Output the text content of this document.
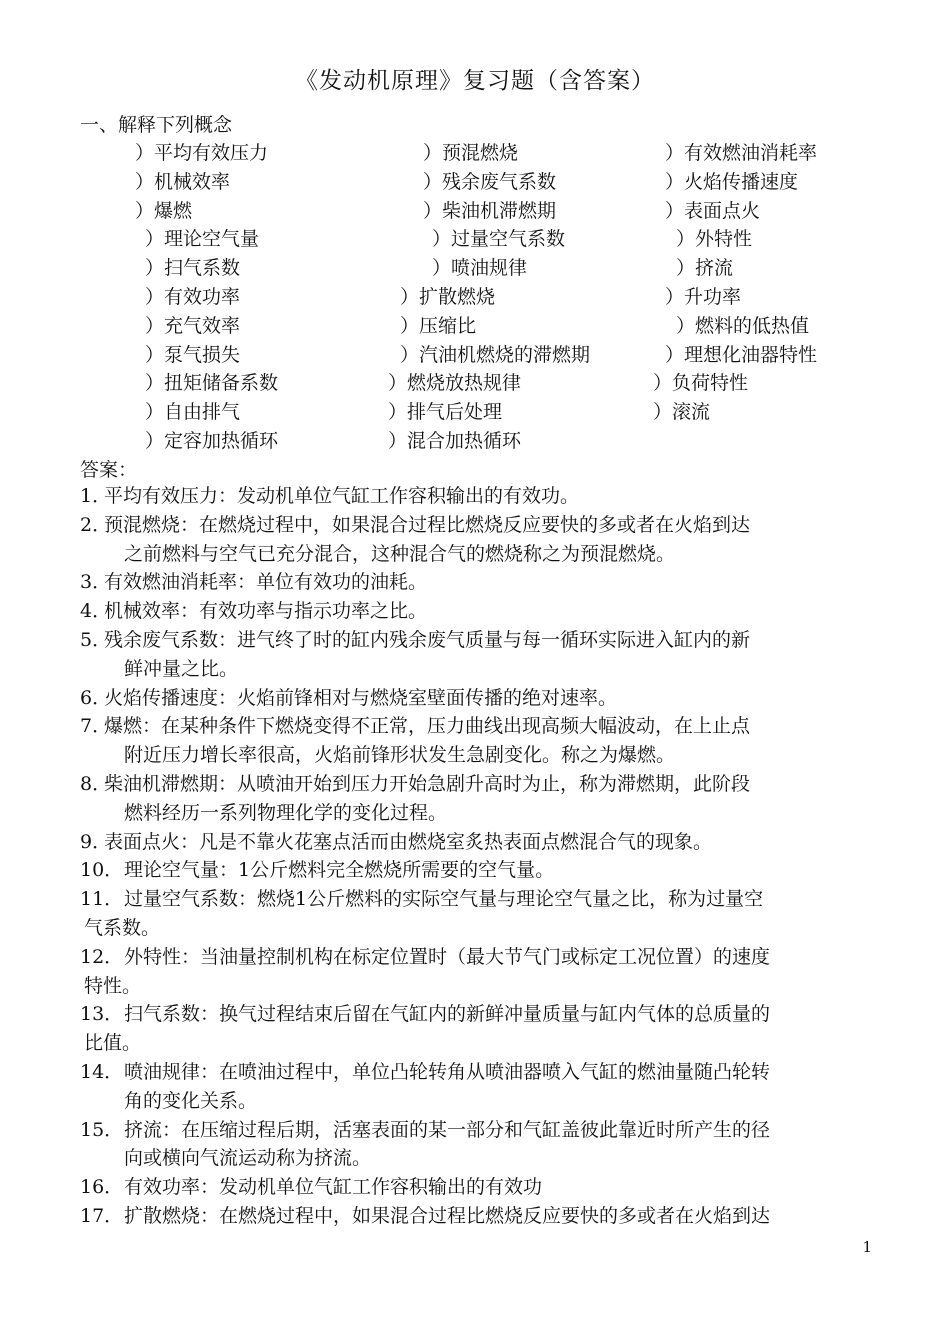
《发动机原理》复习题（含答案）
一、解释下列概念
）平均有效压力	）预混燃烧	）有效燃油消耗率
）机械效率	）残余废气系数	）火焰传播速度
）爆燃	）柴油机滞燃期	）表面点火
）理论空气量	）过量空气系数	）外特性
）扫气系数	）喷油规律	）挤流
）有效功率	）扩散燃烧	）升功率
）充气效率	）压缩比	）燃料的低热值
）泵气损失	）汽油机燃烧的滞燃期	）理想化油器特性
）扭矩储备系数	）燃烧放热规律	）负荷特性
）自由排气	）排气后处理	）滚流
）定容加热循环	）混合加热循环
答案：
1．
平均有效压力：发动机单位气缸工作容积输出的有效功。
2．
预混燃烧：在燃烧过程中，如果混合过程比燃烧反应要快的多或者在火焰到达
之前燃料与空气已充分混合，这种混合气的燃烧称之为预混燃烧。
3．
有效燃油消耗率：单位有效功的油耗。
4．
机械效率：有效功率与指示功率之比。
5．
残余废气系数：进气终了时的缸内残余废气质量与每一循环实际进入缸内的新
鲜冲量之比。
6．
火焰传播速度：火焰前锋相对与燃烧室壁面传播的绝对速率。
7．
爆燃：在某种条件下燃烧变得不正常，压力曲线出现高频大幅波动，在上止点
附近压力增长率很高，火焰前锋形状发生急剧变化。称之为爆燃。
8．
柴油机滞燃期：从喷油开始到压力开始急剧升高时为止，称为滞燃期，此阶段
燃料经历一系列物理化学的变化过程。
9．
表面点火：凡是不靠火花塞点活而由燃烧室炙热表面点燃混合气的现象。
10． 理论空气量：1公斤燃料完全燃烧所需要的空气量。
11． 过量空气系数：燃烧1公斤燃料的实际空气量与理论空气量之比，称为过量空
气系数。
12． 外特性：当油量控制机构在标定位置时（最大节气门或标定工况位置）的速度
特性。
13． 扫气系数：换气过程结束后留在气缸内的新鲜冲量质量与缸内气体的总质量的
比值。
14． 喷油规律：在喷油过程中，单位凸轮转角从喷油器喷入气缸的燃油量随凸轮转
角的变化关系。
15． 挤流：在压缩过程后期，活塞表面的某一部分和气缸盖彼此靠近时所产生的径
向或横向气流运动称为挤流。
16． 有效功率：发动机单位气缸工作容积输出的有效功
17． 扩散燃烧：在燃烧过程中，如果混合过程比燃烧反应要快的多或者在火焰到达
1
